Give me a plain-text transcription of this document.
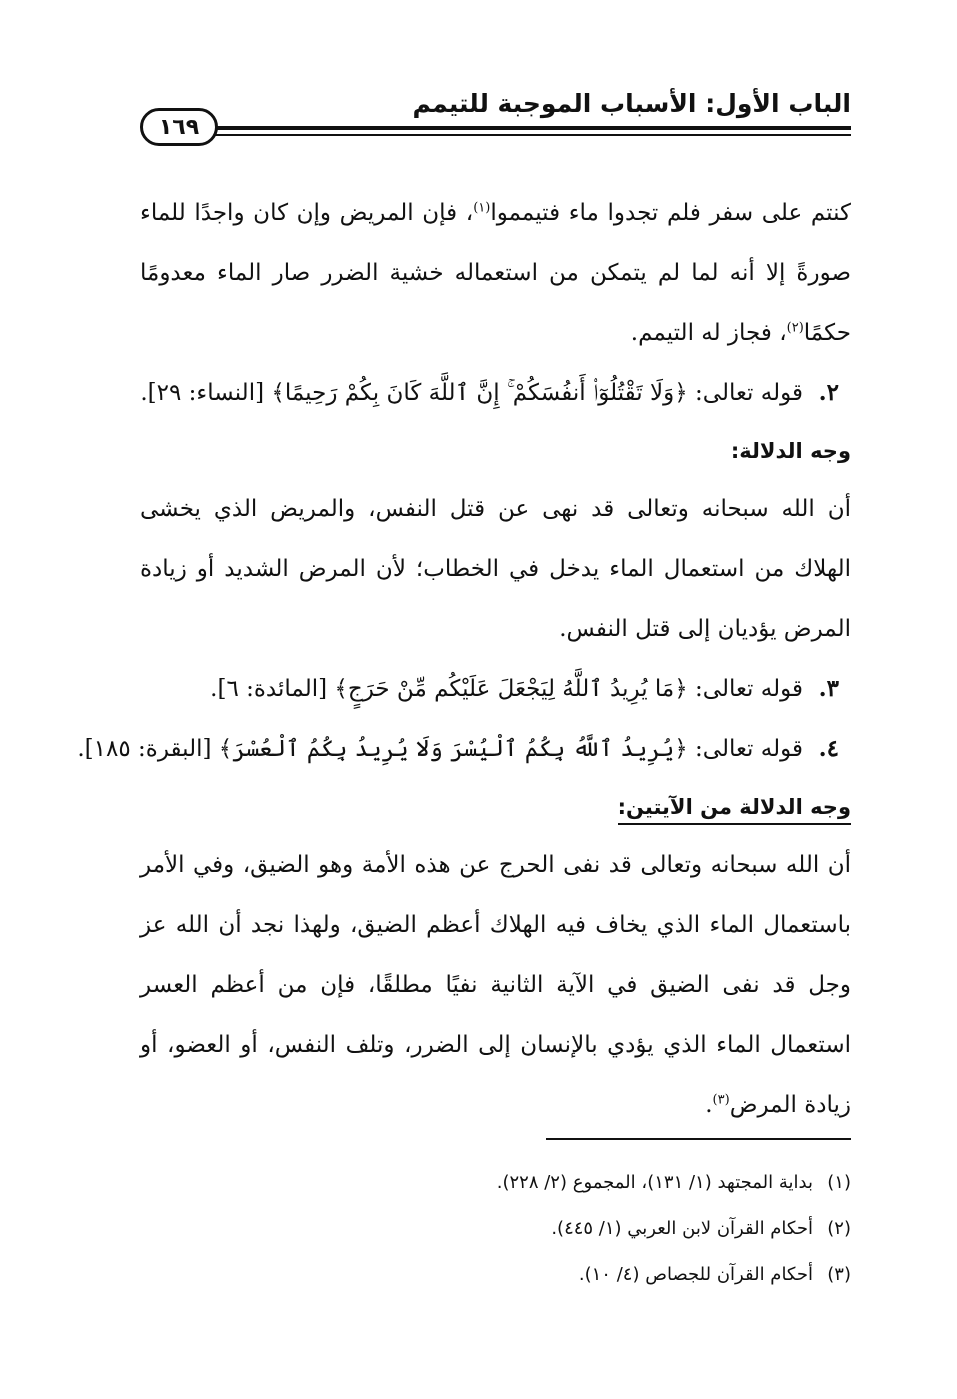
الباب الأول: الأسباب الموجبة للتيمم
١٦٩

كنتم على سفر فلم تجدوا ماء فتيمموا$^{(١)}$، فإن المريض وإن كان واجدًا للماء صورةً إلا أنه لما لم يتمكن من استعماله خشية الضرر صار الماء معدومًا حكمًا$^{(٢)}$، فجاز له التيمم.

٢.قوله تعالى: ﴿وَلَا تَقْتُلُوٓا۟ أَنفُسَكُمْ ۚ إِنَّ ٱللَّهَ كَانَ بِكُمْ رَحِيمًا﴾ [النساء: ٢٩].

وجه الدلالة:

أن الله سبحانه وتعالى قد نهى عن قتل النفس، والمريض الذي يخشى الهلاك من استعمال الماء يدخل في الخطاب؛ لأن المرض الشديد أو زيادة المرض يؤديان إلى قتل النفس.

٣.قوله تعالى: ﴿مَا يُرِيدُ ٱللَّهُ لِيَجْعَلَ عَلَيْكُم مِّنْ حَرَجٍ﴾ [المائدة: ٦].

٤.قوله تعالى: ﴿يُرِيدُ ٱللَّهُ بِكُمُ ٱلْيُسْرَ وَلَا يُرِيدُ بِكُمُ ٱلْعُسْرَ﴾ [البقرة: ١٨٥].

وجه الدلالة من الآيتين:

أن الله سبحانه وتعالى قد نفى الحرج عن هذه الأمة وهو الضيق، وفي الأمر باستعمال الماء الذي يخاف فيه الهلاك أعظم الضيق، ولهذا نجد أن الله عز وجل قد نفى الضيق في الآية الثانية نفيًا مطلقًا، فإن من أعظم العسر استعمال الماء الذي يؤدي بالإنسان إلى الضرر، وتلف النفس، أو العضو، أو زيادة المرض$^{(٣)}$.

(١)بداية المجتهد (١/ ١٣١)، المجموع (٢/ ٢٢٨).

(٢)أحكام القرآن لابن العربي (١/ ٤٤٥).

(٣)أحكام القرآن للجصاص (٤/ ١٠).
